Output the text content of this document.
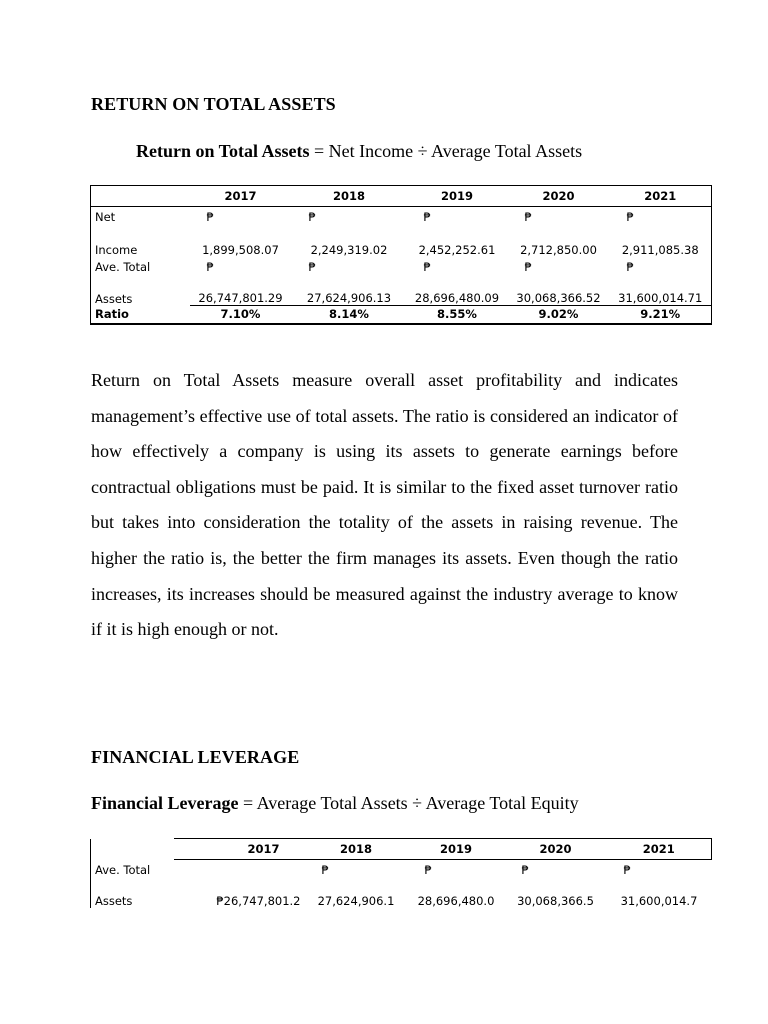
RETURN ON TOTAL ASSETS

Return on Total Assets = Net Income ÷ Average Total Assets

	2017	2018	2019	2020	2021
Net	₱	₱	₱	₱	₱
Income	1,899,508.07	2,249,319.02	2,452,252.61	2,712,850.00	2,911,085.38
Ave. Total	₱	₱	₱	₱	₱
Assets	26,747,801.29	27,624,906.13	28,696,480.09	30,068,366.52	31,600,014.71
Ratio	7.10%	8.14%	8.55%	9.02%	9.21%

Return on Total Assets measure overall asset profitability and indicates management’s effective use of total assets. The ratio is considered an indicator of how effectively a company is using its assets to generate earnings before contractual obligations must be paid. It is similar to the fixed asset turnover ratio but takes into consideration the totality of the assets in raising revenue. The higher the ratio is, the better the firm manages its assets. Even though the ratio increases, its increases should be measured against the industry average to know if it is high enough or not.

FINANCIAL LEVERAGE

Financial Leverage = Average Total Assets ÷ Average Total Equity

	2017	2018	2019	2020	2021
Ave. Total		₱	₱	₱	₱
Assets	₱26,747,801.2	27,624,906.1	28,696,480.0	30,068,366.5	31,600,014.7
